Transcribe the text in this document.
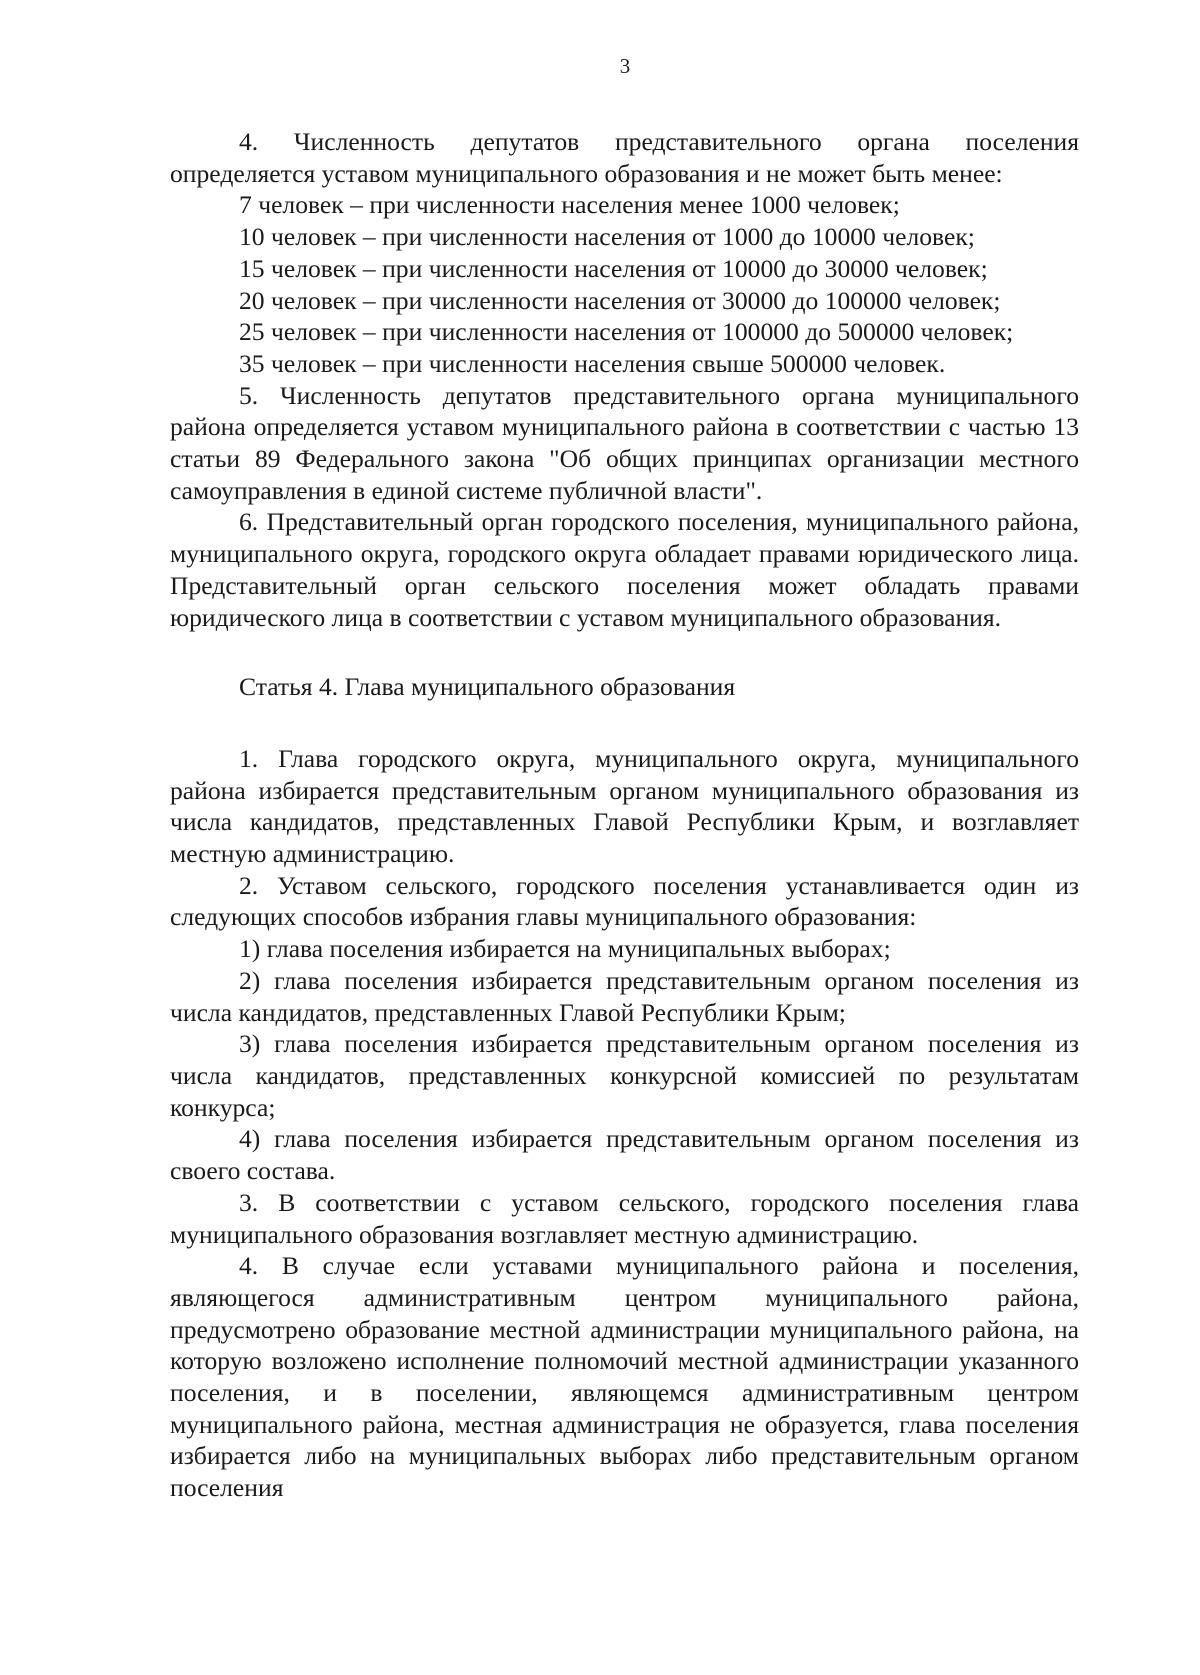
3

4. Численность депутатов представительного органа поселения определяется уставом муниципального образования и не может быть менее:

7 человек – при численности населения менее 1000 человек;

10 человек – при численности населения от 1000 до 10000 человек;

15 человек – при численности населения от 10000 до 30000 человек;

20 человек – при численности населения от 30000 до 100000 человек;

25 человек – при численности населения от 100000 до 500000 человек;

35 человек – при численности населения свыше 500000 человек.

5. Численность депутатов представительного органа муниципального района определяется уставом муниципального района в соответствии с частью 13 статьи 89 Федерального закона "Об общих принципах организации местного самоуправления в единой системе публичной власти".

6. Представительный орган городского поселения, муниципального района, муниципального округа, городского округа обладает правами юридического лица. Представительный орган сельского поселения может обладать правами юридического лица в соответствии с уставом муниципального образования.

Статья 4. Глава муниципального образования

1. Глава городского округа, муниципального округа, муниципального района избирается представительным органом муниципального образования из числа кандидатов, представленных Главой Республики Крым, и возглавляет местную администрацию.

2. Уставом сельского, городского поселения устанавливается один из следующих способов избрания главы муниципального образования:

1) глава поселения избирается на муниципальных выборах;

2) глава поселения избирается представительным органом поселения из числа кандидатов, представленных Главой Республики Крым;

3) глава поселения избирается представительным органом поселения из числа кандидатов, представленных конкурсной комиссией по результатам конкурса;

4) глава поселения избирается представительным органом поселения из своего состава.

3. В соответствии с уставом сельского, городского поселения глава муниципального образования возглавляет местную администрацию.

4. В случае если уставами муниципального района и поселения, являющегося административным центром муниципального района, предусмотрено образование местной администрации муниципального района, на которую возложено исполнение полномочий местной администрации указанного поселения, и в поселении, являющемся административным центром муниципального района, местная администрация не образуется, глава поселения избирается либо на муниципальных выборах либо представительным органом поселения
